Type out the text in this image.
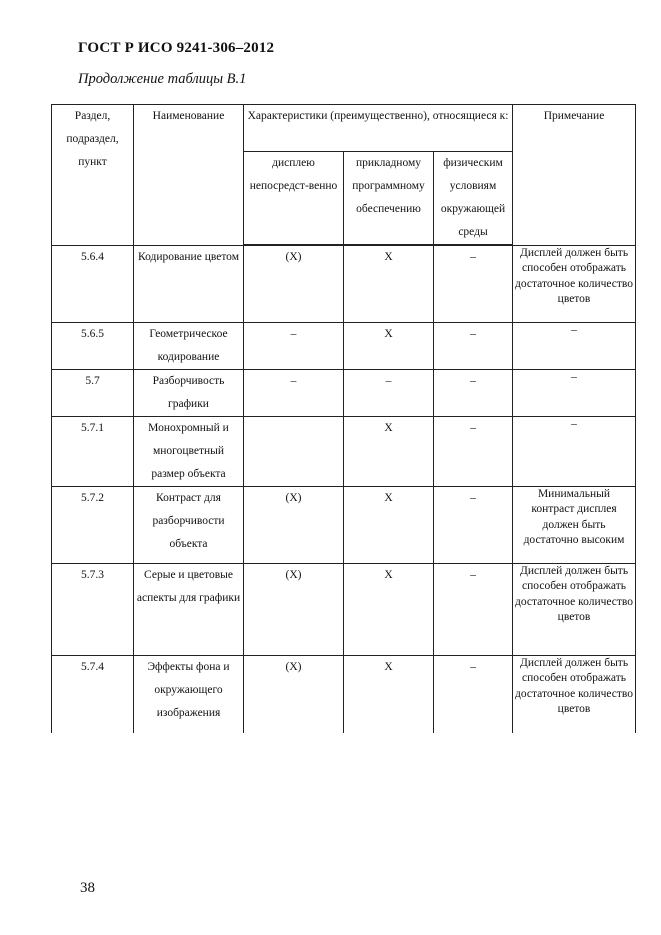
ГОСТ Р ИСО 9241-306–2012
Продолжение таблицы В.1
Раздел, подраздел, пункт	Наименование	Характеристики (преимущественно), относящиеся к:			Примечание
		дисплею непосредст-венно	прикладному программному обеспечению	физическим условиям окружающей среды	
5.6.4	Кодирование цветом	(X)	X	–	Дисплей должен быть способен отображать достаточное количество цветов
5.6.5	Геометрическое кодирование	–	X	–	–
5.7	Разборчивость графики	–	–	–	–
5.7.1	Монохромный и многоцветный размер объекта		X	–	–
5.7.2	Контраст для разборчивости объекта	(X)	X	–	Минимальный контраст дисплея должен быть достаточно высоким
5.7.3	Серые и цветовые аспекты для графики	(X)	X	–	Дисплей должен быть способен отображать достаточное количество цветов
5.7.4	Эффекты фона и окружающего изображения	(X)	X	–	Дисплей должен быть способен отображать достаточное количество цветов
38
